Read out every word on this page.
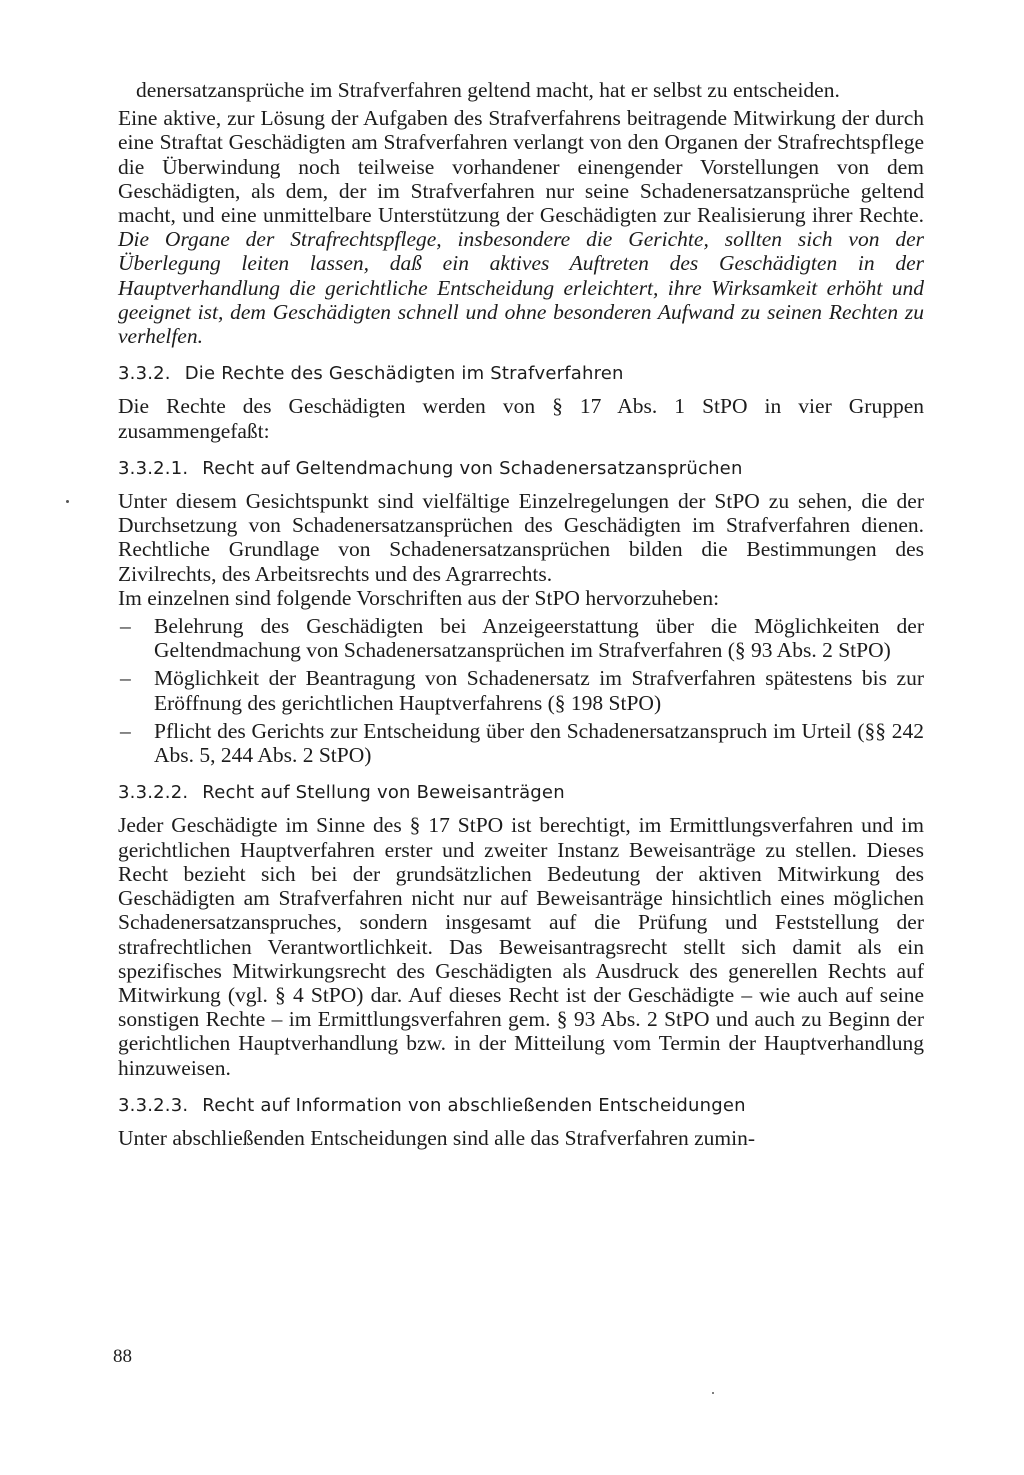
denersatzansprüche im Strafverfahren geltend macht, hat er selbst zu entscheiden.

Eine aktive, zur Lösung der Aufgaben des Strafverfahrens beitragende Mitwirkung der durch eine Straftat Geschädigten am Strafverfahren verlangt von den Organen der Strafrechtspflege die Überwindung noch teilweise vorhandener einengender Vorstellungen von dem Geschädigten, als dem, der im Strafverfahren nur seine Schadenersatzansprüche geltend macht, und eine unmittelbare Unterstützung der Geschädigten zur Realisierung ihrer Rechte. Die Organe der Strafrechtspflege, insbesondere die Gerichte, sollten sich von der Überlegung leiten lassen, daß ein aktives Auftreten des Geschädigten in der Hauptverhandlung die gerichtliche Entscheidung erleichtert, ihre Wirksamkeit erhöht und geeignet ist, dem Geschädigten schnell und ohne besonderen Aufwand zu seinen Rechten zu verhelfen.

3.3.2. Die Rechte des Geschädigten im Strafverfahren

Die Rechte des Geschädigten werden von § 17 Abs. 1 StPO in vier Gruppen zusammengefaßt:

3.3.2.1. Recht auf Geltendmachung von Schadenersatzansprüchen

Unter diesem Gesichtspunkt sind vielfältige Einzelregelungen der StPO zu sehen, die der Durchsetzung von Schadenersatzansprüchen des Geschädigten im Strafverfahren dienen. Rechtliche Grundlage von Schadenersatzansprüchen bilden die Bestimmungen des Zivilrechts, des Arbeitsrechts und des Agrarrechts.

Im einzelnen sind folgende Vorschriften aus der StPO hervorzuheben:

– Belehrung des Geschädigten bei Anzeigeerstattung über die Möglichkeiten der Geltendmachung von Schadenersatzansprüchen im Strafverfahren (§ 93 Abs. 2 StPO)
– Möglichkeit der Beantragung von Schadenersatz im Strafverfahren spätestens bis zur Eröffnung des gerichtlichen Hauptverfahrens (§ 198 StPO)
– Pflicht des Gerichts zur Entscheidung über den Schadenersatzanspruch im Urteil (§§ 242 Abs. 5, 244 Abs. 2 StPO)
3.3.2.2. Recht auf Stellung von Beweisanträgen

Jeder Geschädigte im Sinne des § 17 StPO ist berechtigt, im Ermittlungsverfahren und im gerichtlichen Hauptverfahren erster und zweiter Instanz Beweisanträge zu stellen. Dieses Recht bezieht sich bei der grundsätzlichen Bedeutung der aktiven Mitwirkung des Geschädigten am Strafverfahren nicht nur auf Beweisanträge hinsichtlich eines möglichen Schadenersatzanspruches, sondern insgesamt auf die Prüfung und Feststellung der strafrechtlichen Verantwortlichkeit. Das Beweisantragsrecht stellt sich damit als ein spezifisches Mitwirkungsrecht des Geschädigten als Ausdruck des generellen Rechts auf Mitwirkung (vgl. § 4 StPO) dar. Auf dieses Recht ist der Geschädigte – wie auch auf seine sonstigen Rechte – im Ermittlungsverfahren gem. § 93 Abs. 2 StPO und auch zu Beginn der gerichtlichen Hauptverhandlung bzw. in der Mitteilung vom Termin der Hauptverhandlung hinzuweisen.

3.3.2.3. Recht auf Information von abschließenden Entscheidungen

Unter abschließenden Entscheidungen sind alle das Strafverfahren zumin-

88
